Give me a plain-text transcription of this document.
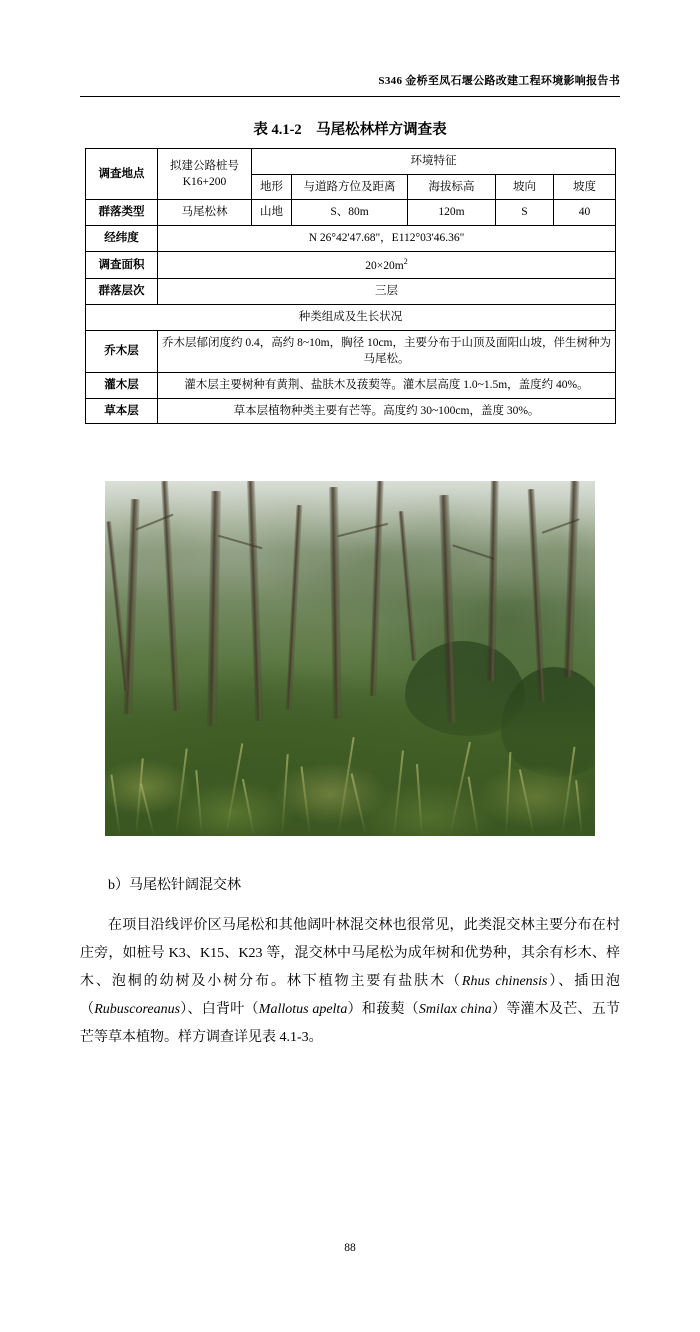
S346 金桥至凤石堰公路改建工程环境影响报告书
表 4.1-2　马尾松林样方调查表
调查地点	拟建公路桩号K16+200	环境特征				
		地形	与道路方位及距离	海拔标高	坡向	坡度
群落类型	马尾松林	山地	S、80m	120m	S	40
经纬度	N 26°42'47.68"，E112°03'46.36"					
调查面积	$20\times 20m^2$
群落层次	三层					
种类组成及生长状况						
乔木层	乔木层郁闭度约 0.4，高约 8~10m，胸径 10cm，主要分布于山顶及面阳山坡，伴生树种为马尾松。					
灌木层	灌木层主要树种有黄荆、盐肤木及菝葜等。灌木层高度 1.0~1.5m，盖度约 40%。					
草本层	草本层植物种类主要有芒等。高度约 30~100cm，盖度 30%。					
b）马尾松针阔混交林

在项目沿线评价区马尾松和其他阔叶林混交林也很常见，此类混交林主要分布在村庄旁，如桩号 K3、K15、K23 等，混交林中马尾松为成年树和优势种，其余有杉木、梓木、泡桐的幼树及小树分布。林下植物主要有盐肤木（Rhus chinensis）、插田泡（Rubuscoreanus）、白背叶（Mallotus apelta）和菝葜（Smilax china）等灌木及芒、五节芒等草本植物。样方调查详见表 4.1-3。

88
